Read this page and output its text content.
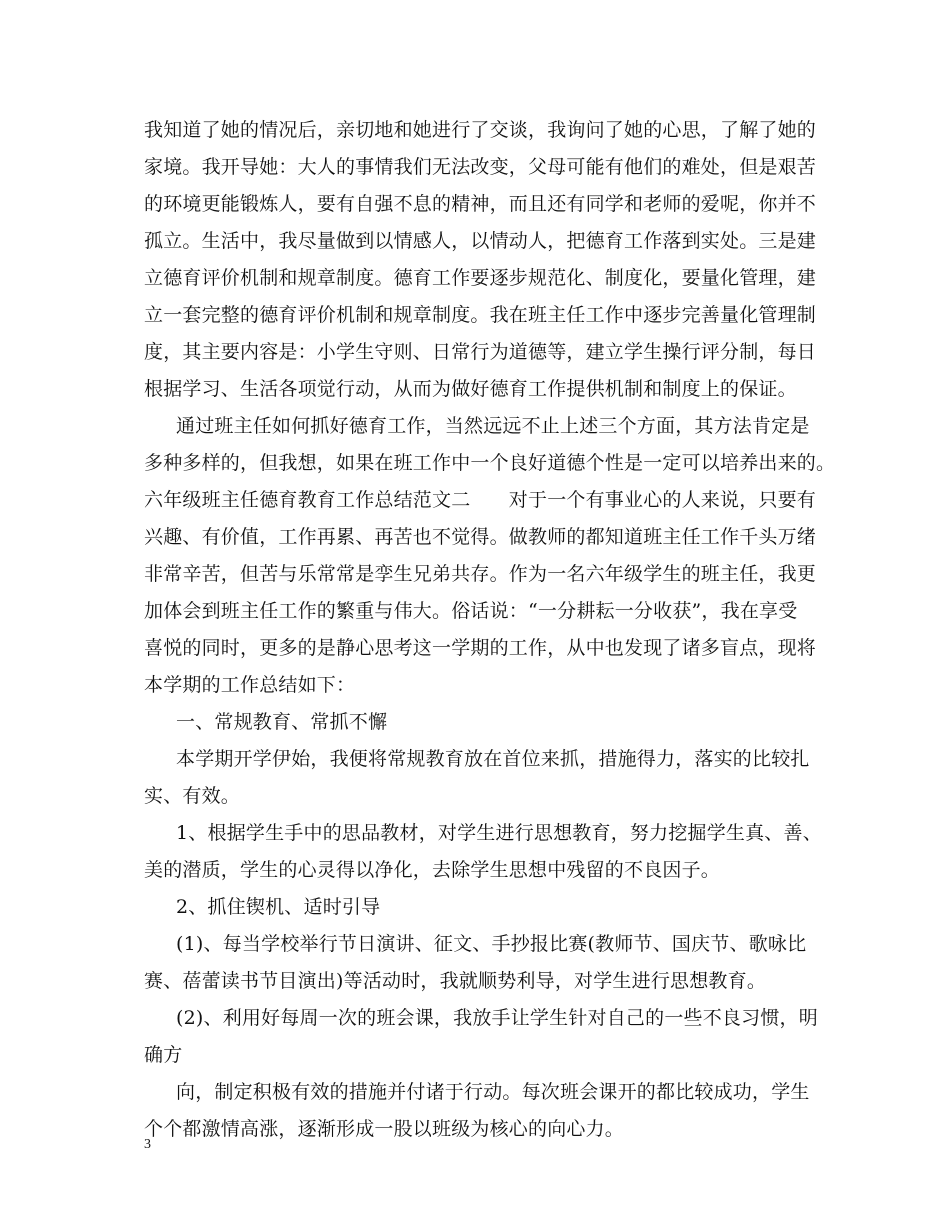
我知道了她的情况后，亲切地和她进行了交谈，我询问了她的心思，了解了她的
家境。我开导她：大人的事情我们无法改变，父母可能有他们的难处，但是艰苦
的环境更能锻炼人，要有自强不息的精神，而且还有同学和老师的爱呢，你并不
孤立。生活中，我尽量做到以情感人，以情动人，把德育工作落到实处。三是建
立德育评价机制和规章制度。德育工作要逐步规范化、制度化，要量化管理，建
立一套完整的德育评价机制和规章制度。我在班主任工作中逐步完善量化管理制
度，其主要内容是：小学生守则、日常行为道德等，建立学生操行评分制，每日
根据学习、生活各项觉行动，从而为做好德育工作提供机制和制度上的保证。
通过班主任如何抓好德育工作，当然远远不止上述三个方面，其方法肯定是
多种多样的，但我想，如果在班工作中一个良好道德个性是一定可以培养出来的。
六年级班主任德育教育工作总结范文二　　对于一个有事业心的人来说，只要有
兴趣、有价值，工作再累、再苦也不觉得。做教师的都知道班主任工作千头万绪
非常辛苦，但苦与乐常常是孪生兄弟共存。作为一名六年级学生的班主任，我更
加体会到班主任工作的繁重与伟大。俗话说：“一分耕耘一分收获”，我在享受
喜悦的同时，更多的是静心思考这一学期的工作，从中也发现了诸多盲点，现将
本学期的工作总结如下：
一、常规教育、常抓不懈
本学期开学伊始，我便将常规教育放在首位来抓，措施得力，落实的比较扎
实、有效。
1、根据学生手中的思品教材，对学生进行思想教育，努力挖掘学生真、善、
美的潜质，学生的心灵得以净化，去除学生思想中残留的不良因子。
2、抓住锲机、适时引导
(1)、每当学校举行节日演讲、征文、手抄报比赛(教师节、国庆节、歌咏比
赛、蓓蕾读书节目演出)等活动时，我就顺势利导，对学生进行思想教育。
(2)、利用好每周一次的班会课，我放手让学生针对自己的一些不良习惯，明
确方
向，制定积极有效的措施并付诸于行动。每次班会课开的都比较成功，学生
个个都激情高涨，逐渐形成一股以班级为核心的向心力。
3
